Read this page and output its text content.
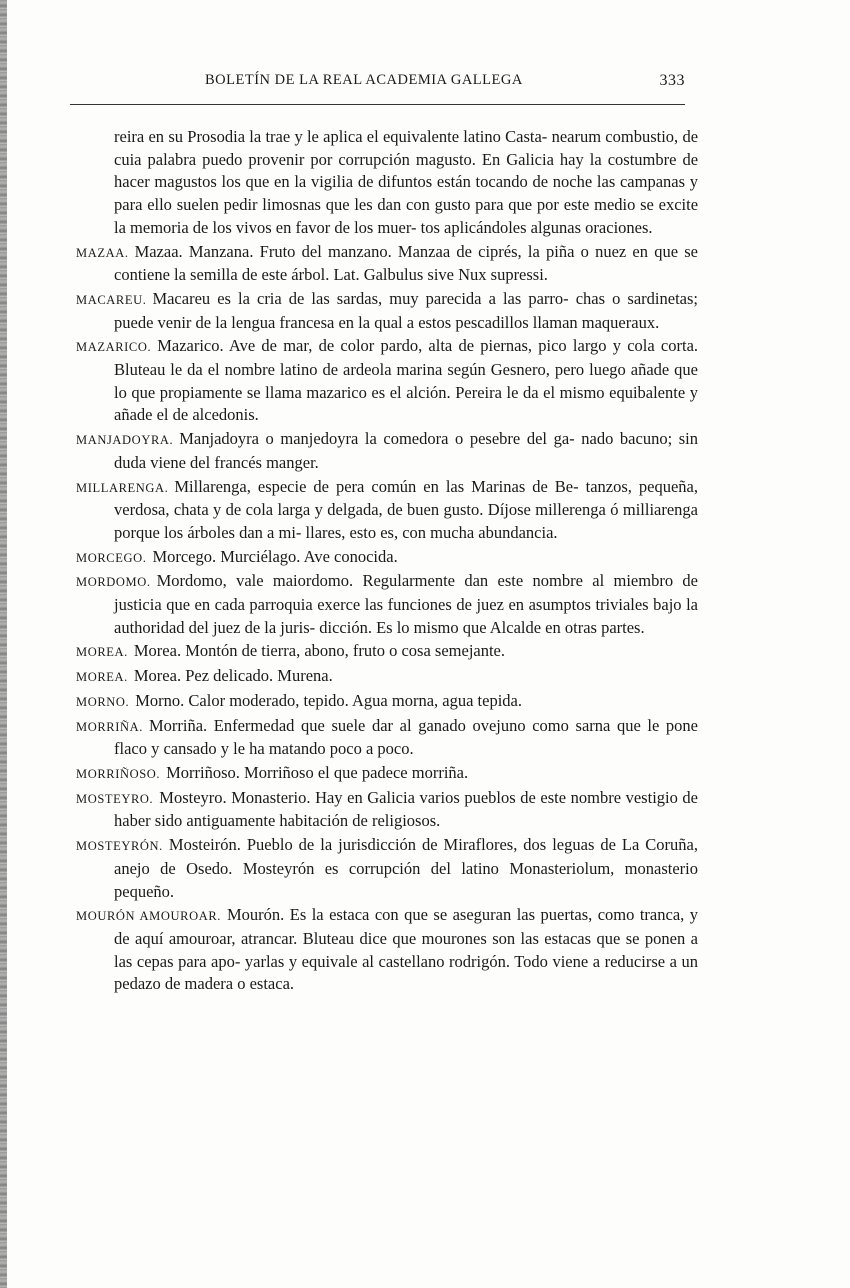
BOLETÍN DE LA REAL ACADEMIA GALLEGA	333

reira en su Prosodia la trae y le aplica el equivalente latino Casta- nearum combustio, de cuia palabra puedo provenir por corrupción magusto. En Galicia hay la costumbre de hacer magustos los que en la vigilia de difuntos están tocando de noche las campanas y para ello suelen pedir limosnas que les dan con gusto para que por este medio se excite la memoria de los vivos en favor de los muer- tos aplicándoles algunas oraciones.

MAZAA. Mazaa. Manzana. Fruto del manzano. Manzaa de ciprés, la piña o nuez en que se contiene la semilla de este árbol. Lat. Galbulus sive Nux supressi.

MACAREU. Macareu es la cria de las sardas, muy parecida a las parro- chas o sardinetas; puede venir de la lengua francesa en la qual a estos pescadillos llaman maqueraux.

MAZARICO. Mazarico. Ave de mar, de color pardo, alta de piernas, pico largo y cola corta. Bluteau le da el nombre latino de ardeola marina según Gesnero, pero luego añade que lo que propiamente se llama mazarico es el alción. Pereira le da el mismo equibalente y añade el de alcedonis.

MANJADOYRA. Manjadoyra o manjedoyra la comedora o pesebre del ga- nado bacuno; sin duda viene del francés manger.

MILLARENGA. Millarenga, especie de pera común en las Marinas de Be- tanzos, pequeña, verdosa, chata y de cola larga y delgada, de buen gusto. Díjose millerenga ó milliarenga porque los árboles dan a mi- llares, esto es, con mucha abundancia.

MORCEGO. Morcego. Murciélago. Ave conocida.

MORDOMO. Mordomo, vale maiordomo. Regularmente dan este nombre al miembro de justicia que en cada parroquia exerce las funciones de juez en asumptos triviales bajo la authoridad del juez de la juris- dicción. Es lo mismo que Alcalde en otras partes.

MOREA. Morea. Montón de tierra, abono, fruto o cosa semejante.

MOREA. Morea. Pez delicado. Murena.

MORNO. Morno. Calor moderado, tepido. Agua morna, agua tepida.

MORRIÑA. Morriña. Enfermedad que suele dar al ganado ovejuno como sarna que le pone flaco y cansado y le ha matando poco a poco.

MORRIÑOSO. Morriñoso. Morriñoso el que padece morriña.

MOSTEYRO. Mosteyro. Monasterio. Hay en Galicia varios pueblos de este nombre vestigio de haber sido antiguamente habitación de religiosos.

MOSTEYRÓN. Mosteirón. Pueblo de la jurisdicción de Miraflores, dos leguas de La Coruña, anejo de Osedo. Mosteyrón es corrupción del latino Monasteriolum, monasterio pequeño.

MOURÓN AMOUROAR. Mourón. Es la estaca con que se aseguran las puertas, como tranca, y de aquí amouroar, atrancar. Bluteau dice que mourones son las estacas que se ponen a las cepas para apo- yarlas y equivale al castellano rodrigón. Todo viene a reducirse a un pedazo de madera o estaca.
